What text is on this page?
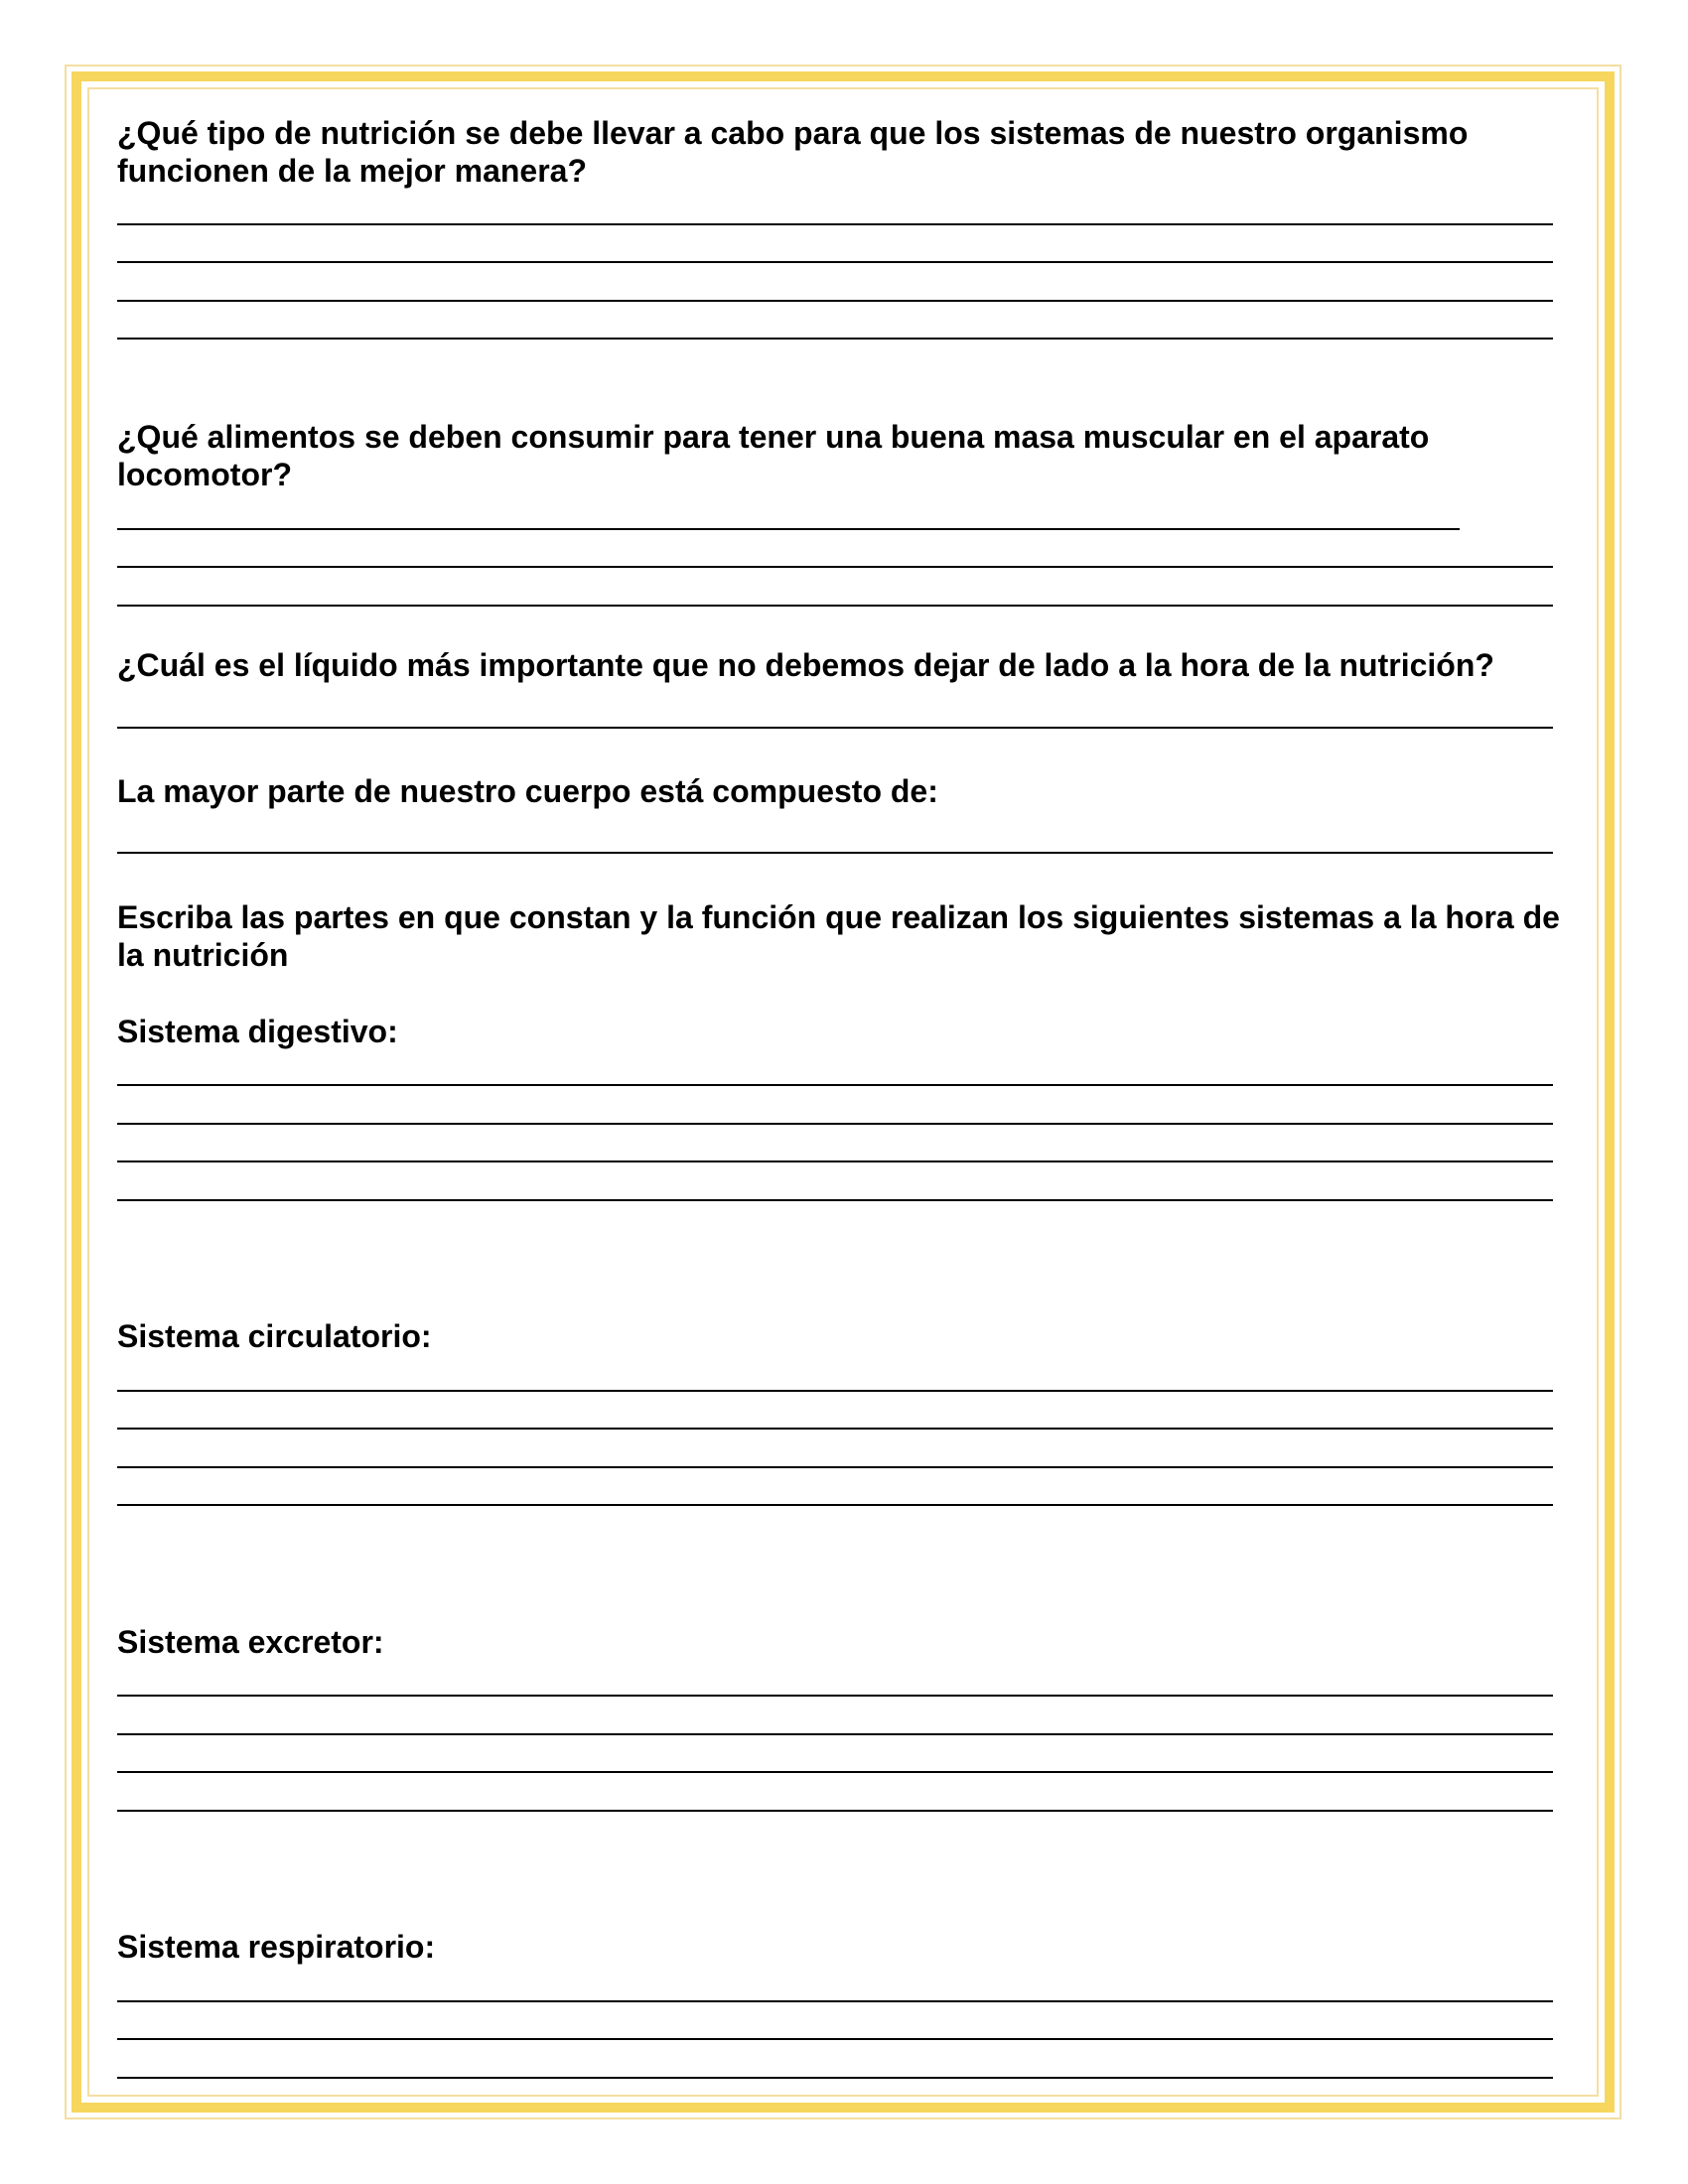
¿Qué tipo de nutrición se debe llevar a cabo para que los sistemas de nuestro organismo funcionen de la mejor manera?

¿Qué alimentos se deben consumir para tener una buena masa muscular en el aparato locomotor?

¿Cuál es el líquido más importante que no debemos dejar de lado a la hora de la nutrición?

La mayor parte de nuestro cuerpo está compuesto de:

Escriba las partes en que constan y la función que realizan los siguientes sistemas a la hora de la nutrición

Sistema digestivo:

Sistema circulatorio:

Sistema excretor:

Sistema respiratorio:
